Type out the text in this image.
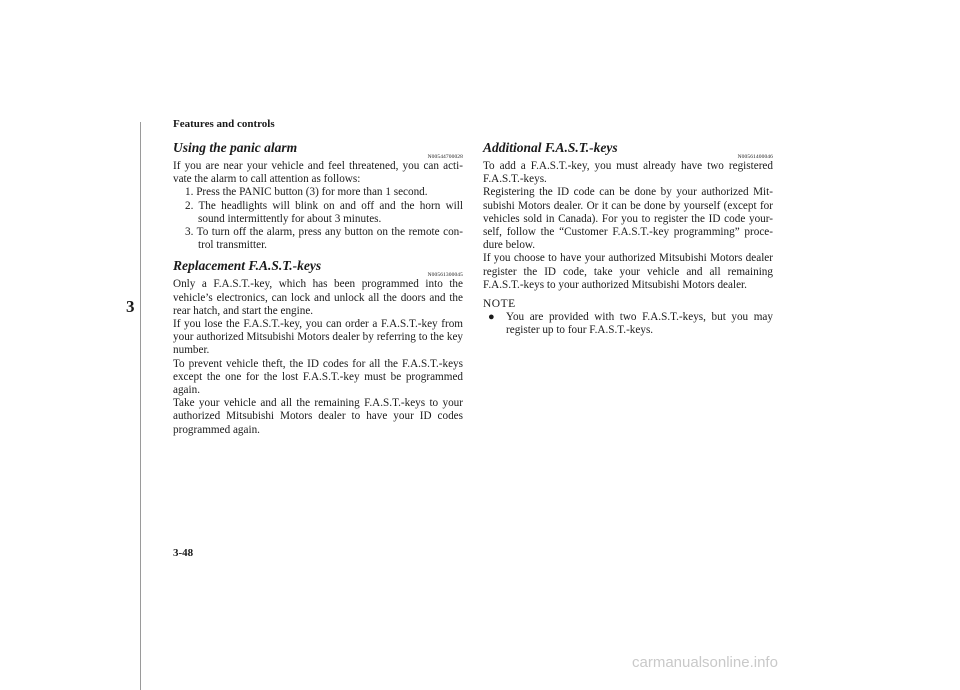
Features and controls
3
Using the panic alarm
N00544700028

If you are near your vehicle and feel threatened, you can acti-vate the alarm to call attention as follows:

1. Press the PANIC button (3) for more than 1 second.
2. The headlights will blink on and off and the horn will sound intermittently for about 3 minutes.
3. To turn off the alarm, press any button on the remote con-trol transmitter.
Replacement F.A.S.T.-keys
N00561300045

Only a F.A.S.T.-key, which has been programmed into the vehicle’s electronics, can lock and unlock all the doors and the rear hatch, and start the engine.

If you lose the F.A.S.T.-key, you can order a F.A.S.T.-key from your authorized Mitsubishi Motors dealer by referring to the key number.

To prevent vehicle theft, the ID codes for all the F.A.S.T.-keys except the one for the lost F.A.S.T.-key must be programmed again.

Take your vehicle and all the remaining F.A.S.T.-keys to your authorized Mitsubishi Motors dealer to have your ID codes programmed again.

Additional F.A.S.T.-keys
N00561400046

To add a F.A.S.T.-key, you must already have two registered F.A.S.T.-keys.

Registering the ID code can be done by your authorized Mit-subishi Motors dealer. Or it can be done by yourself (except for vehicles sold in Canada). For you to register the ID code your-self, follow the “Customer F.A.S.T.-key programming” proce-dure below.

If you choose to have your authorized Mitsubishi Motors dealer register the ID code, take your vehicle and all remaining F.A.S.T.-keys to your authorized Mitsubishi Motors dealer.

NOTE
● You are provided with two F.A.S.T.-keys, but you may register up to four F.A.S.T.-keys.
3-48
carmanualsonline.info
